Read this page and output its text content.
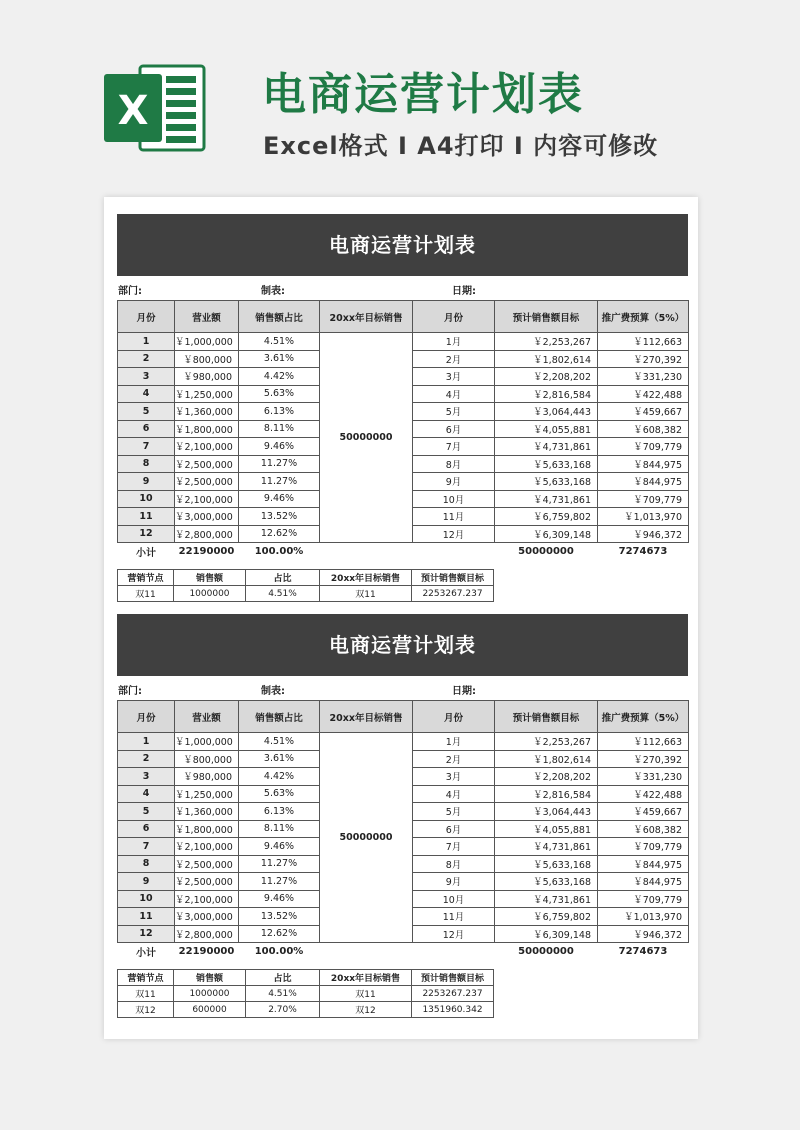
X	电商运营计划表
Excel格式 I A4打印 I 内容可修改
电商运营计划表
部门:	制表:	日期:
月份	营业额	销售额占比	20xx年目标销售	月份	预计销售额目标	推广费预算（5%）
1	￥1,000,000	4.51%	50000000	1月	￥2,253,267	￥112,663
2	￥800,000	3.61%		2月	￥1,802,614	￥270,392
3	￥980,000	4.42%		3月	￥2,208,202	￥331,230
4	￥1,250,000	5.63%		4月	￥2,816,584	￥422,488
5	￥1,360,000	6.13%		5月	￥3,064,443	￥459,667
6	￥1,800,000	8.11%		6月	￥4,055,881	￥608,382
7	￥2,100,000	9.46%		7月	￥4,731,861	￥709,779
8	￥2,500,000	11.27%		8月	￥5,633,168	￥844,975
9	￥2,500,000	11.27%		9月	￥5,633,168	￥844,975
10	￥2,100,000	9.46%		10月	￥4,731,861	￥709,779
11	￥3,000,000	13.52%		11月	￥6,759,802	￥1,013,970
12	￥2,800,000	12.62%		12月	￥6,309,148	￥946,372
小计	22190000	100.00%			50000000	7274673
营销节点	销售额	占比	20xx年目标销售	预计销售额目标
双11	1000000	4.51%	双11	2253267.237
电商运营计划表
部门:	制表:	日期:
月份	营业额	销售额占比	20xx年目标销售	月份	预计销售额目标	推广费预算（5%）
1	￥1,000,000	4.51%	50000000	1月	￥2,253,267	￥112,663
2	￥800,000	3.61%		2月	￥1,802,614	￥270,392
3	￥980,000	4.42%		3月	￥2,208,202	￥331,230
4	￥1,250,000	5.63%		4月	￥2,816,584	￥422,488
5	￥1,360,000	6.13%		5月	￥3,064,443	￥459,667
6	￥1,800,000	8.11%		6月	￥4,055,881	￥608,382
7	￥2,100,000	9.46%		7月	￥4,731,861	￥709,779
8	￥2,500,000	11.27%		8月	￥5,633,168	￥844,975
9	￥2,500,000	11.27%		9月	￥5,633,168	￥844,975
10	￥2,100,000	9.46%		10月	￥4,731,861	￥709,779
11	￥3,000,000	13.52%		11月	￥6,759,802	￥1,013,970
12	￥2,800,000	12.62%		12月	￥6,309,148	￥946,372
小计	22190000	100.00%			50000000	7274673
营销节点	销售额	占比	20xx年目标销售	预计销售额目标
双11	1000000	4.51%	双11	2253267.237
双12	600000	2.70%	双12	1351960.342
